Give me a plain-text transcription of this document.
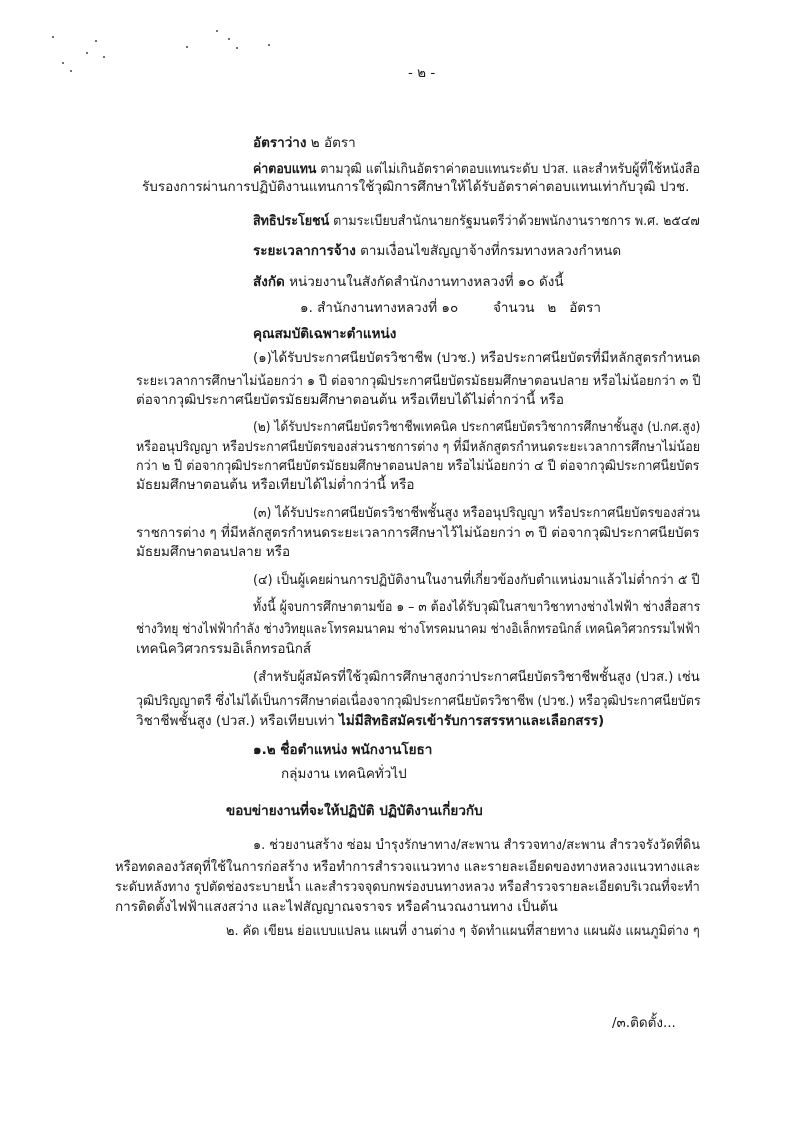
- ๒ -
อัตราว่าง ๒ อัตรา
ค่าตอบแทน ตามวุฒิ แต่ไม่เกินอัตราค่าตอบแทนระดับ ปวส. และสำหรับผู้ที่ใช้หนังสือ
รับรองการผ่านการปฏิบัติงานแทนการใช้วุฒิการศึกษาให้ได้รับอัตราค่าตอบแทนเท่ากับวุฒิ ปวช.
สิทธิประโยชน์ ตามระเบียบสำนักนายกรัฐมนตรีว่าด้วยพนักงานราชการ พ.ศ. ๒๕๔๗
ระยะเวลาการจ้าง ตามเงื่อนไขสัญญาจ้างที่กรมทางหลวงกำหนด
สังกัด หน่วยงานในสังกัดสำนักงานทางหลวงที่ ๑๐ ดังนี้
๑. สำนักงานทางหลวงที่ ๑๐	จำนวน ๒ อัตรา
คุณสมบัติเฉพาะตำแหน่ง
(๑)ได้รับประกาศนียบัตรวิชาชีพ (ปวช.) หรือประกาศนียบัตรที่มีหลักสูตรกำหนด
ระยะเวลาการศึกษาไม่น้อยกว่า ๑ ปี ต่อจากวุฒิประกาศนียบัตรมัธยมศึกษาตอนปลาย หรือไม่น้อยกว่า ๓ ปี
ต่อจากวุฒิประกาศนียบัตรมัธยมศึกษาตอนต้น หรือเทียบได้ไม่ต่ำกว่านี้ หรือ
(๒) ได้รับประกาศนียบัตรวิชาชีพเทคนิค ประกาศนียบัตรวิชาการศึกษาชั้นสูง (ป.กศ.สูง)
หรืออนุปริญญา หรือประกาศนียบัตรของส่วนราชการต่าง ๆ ที่มีหลักสูตรกำหนดระยะเวลาการศึกษาไม่น้อย
กว่า ๒ ปี ต่อจากวุฒิประกาศนียบัตรมัธยมศึกษาตอนปลาย หรือไม่น้อยกว่า ๔ ปี ต่อจากวุฒิประกาศนียบัตร
มัธยมศึกษาตอนต้น หรือเทียบได้ไม่ต่ำกว่านี้ หรือ
(๓) ได้รับประกาศนียบัตรวิชาชีพชั้นสูง หรืออนุปริญญา หรือประกาศนียบัตรของส่วน
ราชการต่าง ๆ ที่มีหลักสูตรกำหนดระยะเวลาการศึกษาไว้ไม่น้อยกว่า ๓ ปี ต่อจากวุฒิประกาศนียบัตร
มัธยมศึกษาตอนปลาย หรือ
(๔) เป็นผู้เคยผ่านการปฏิบัติงานในงานที่เกี่ยวข้องกับตำแหน่งมาแล้วไม่ต่ำกว่า ๕ ปี
ทั้งนี้ ผู้จบการศึกษาตามข้อ ๑ – ๓ ต้องได้รับวุฒิในสาขาวิชาทางช่างไฟฟ้า ช่างสื่อสาร
ช่างวิทยุ ช่างไฟฟ้ากำลัง ช่างวิทยุและโทรคมนาคม ช่างโทรคมนาคม ช่างอิเล็กทรอนิกส์ เทคนิควิศวกรรมไฟฟ้า
เทคนิควิศวกรรมอิเล็กทรอนิกส์
(สำหรับผู้สมัครที่ใช้วุฒิการศึกษาสูงกว่าประกาศนียบัตรวิชาชีพชั้นสูง (ปวส.) เช่น
วุฒิปริญญาตรี ซึ่งไม่ได้เป็นการศึกษาต่อเนื่องจากวุฒิประกาศนียบัตรวิชาชีพ (ปวช.) หรือวุฒิประกาศนียบัตร
วิชาชีพชั้นสูง (ปวส.) หรือเทียบเท่า ไม่มีสิทธิสมัครเข้ารับการสรรหาและเลือกสรร)
๑.๒ ชื่อตำแหน่ง พนักงานโยธา
กลุ่มงาน เทคนิคทั่วไป
ขอบข่ายงานที่จะให้ปฏิบัติ ปฏิบัติงานเกี่ยวกับ
๑. ช่วยงานสร้าง ซ่อม บำรุงรักษาทาง/สะพาน สำรวจทาง/สะพาน สำรวจรังวัดที่ดิน
หรือทดลองวัสดุที่ใช้ในการก่อสร้าง หรือทำการสำรวจแนวทาง และรายละเอียดของทางหลวงแนวทางและ
ระดับหลังทาง รูปตัดช่องระบายน้ำ และสำรวจจุดบกพร่องบนทางหลวง หรือสำรวจรายละเอียดบริเวณที่จะทำ
การติดตั้งไฟฟ้าแสงสว่าง และไฟสัญญาณจราจร หรือคำนวณงานทาง เป็นต้น
๒. คัด เขียน ย่อแบบแปลน แผนที่ งานต่าง ๆ จัดทำแผนที่สายทาง แผนผัง แผนภูมิต่าง ๆ
/๓.ติดตั้ง...
